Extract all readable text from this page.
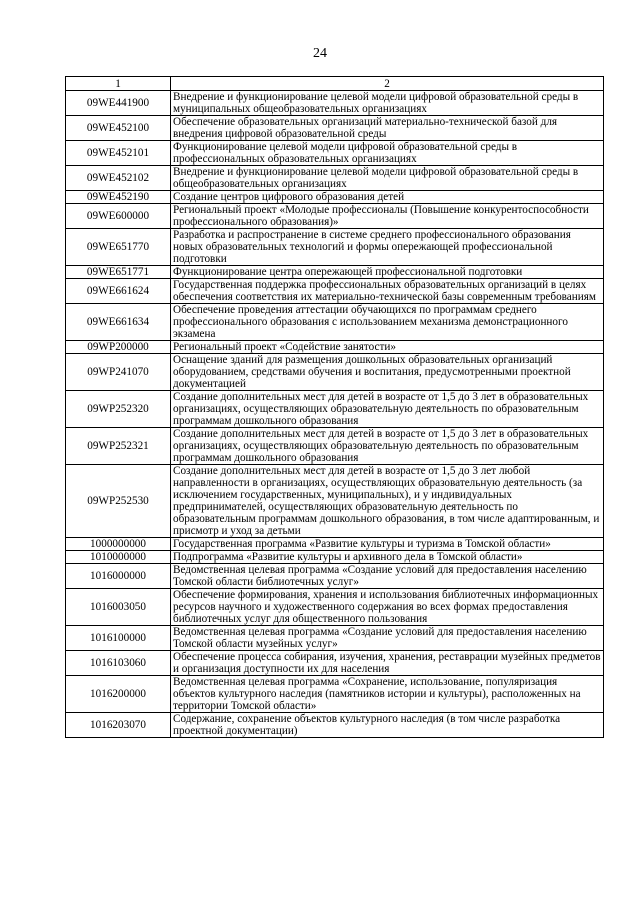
24
1	2
09WE441900	Внедрение и функционирование целевой модели цифровой образовательной среды в муниципальных общеобразовательных организациях
09WE452100	Обеспечение образовательных организаций материально-технической базой для внедрения цифровой образовательной среды
09WE452101	Функционирование целевой модели цифровой образовательной среды в профессиональных образовательных организациях
09WE452102	Внедрение и функционирование целевой модели цифровой образовательной среды в общеобразовательных организациях
09WE452190	Создание центров цифрового образования детей
09WE600000	Региональный проект «Молодые профессионалы (Повышение конкурентоспособности профессионального образования)»
09WE651770	Разработка и распространение в системе среднего профессионального образования новых образовательных технологий и формы опережающей профессиональной подготовки
09WE651771	Функционирование центра опережающей профессиональной подготовки
09WE661624	Государственная поддержка профессиональных образовательных организаций в целях обеспечения соответствия их материально-технической базы современным требованиям
09WE661634	Обеспечение проведения аттестации обучающихся по программам среднего профессионального образования с использованием механизма демонстрационного экзамена
09WP200000	Региональный проект «Содействие занятости»
09WP241070	Оснащение зданий для размещения дошкольных образовательных организаций оборудованием, средствами обучения и воспитания, предусмотренными проектной документацией
09WP252320	Создание дополнительных мест для детей в возрасте от 1,5 до 3 лет в образовательных организациях, осуществляющих образовательную деятельность по образовательным программам дошкольного образования
09WP252321	Создание дополнительных мест для детей в возрасте от 1,5 до 3 лет в образовательных организациях, осуществляющих образовательную деятельность по образовательным программам дошкольного образования
09WP252530	Создание дополнительных мест для детей в возрасте от 1,5 до 3 лет любой направленности в организациях, осуществляющих образовательную деятельность (за исключением государственных, муниципальных), и у индивидуальных предпринимателей, осуществляющих образовательную деятельность по образовательным программам дошкольного образования, в том числе адаптированным, и присмотр и уход за детьми
1000000000	Государственная программа «Развитие культуры и туризма в Томской области»
1010000000	Подпрограмма «Развитие культуры и архивного дела в Томской области»
1016000000	Ведомственная целевая программа «Создание условий для предоставления населению Томской области библиотечных услуг»
1016003050	Обеспечение формирования, хранения и использования библиотечных информационных ресурсов научного и художественного содержания во всех формах предоставления библиотечных услуг для общественного пользования
1016100000	Ведомственная целевая программа «Создание условий для предоставления населению Томской области музейных услуг»
1016103060	Обеспечение процесса собирания, изучения, хранения, реставрации музейных предметов и организация доступности их для населения
1016200000	Ведомственная целевая программа «Сохранение, использование, популяризация объектов культурного наследия (памятников истории и культуры), расположенных на территории Томской области»
1016203070	Содержание, сохранение объектов культурного наследия (в том числе разработка проектной документации)
